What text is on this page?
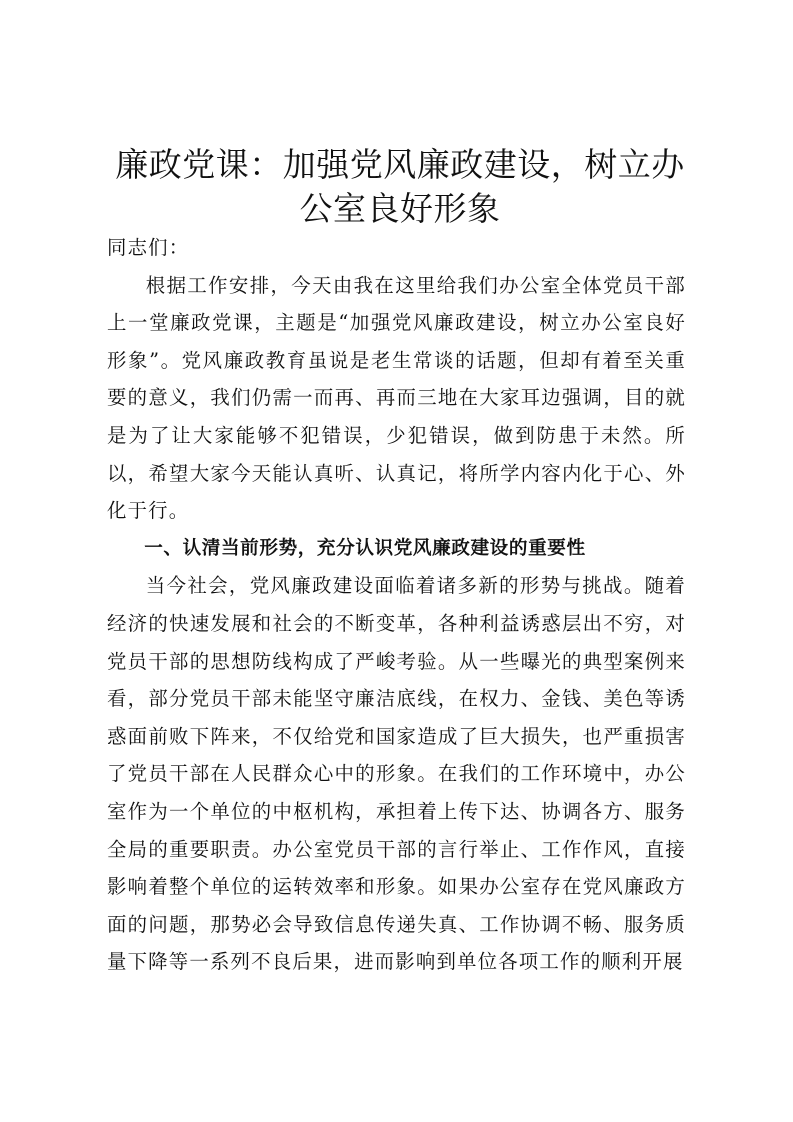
廉政党课：加强党风廉政建设，树立办公室良好形象

同志们：

根据工作安排，今天由我在这里给我们办公室全体党员干部上一堂廉政党课，主题是“加强党风廉政建设，树立办公室良好形象”。党风廉政教育虽说是老生常谈的话题，但却有着至关重要的意义，我们仍需一而再、再而三地在大家耳边强调，目的就是为了让大家能够不犯错误，少犯错误，做到防患于未然。所以，希望大家今天能认真听、认真记，将所学内容内化于心、外化于行。

一、认清当前形势，充分认识党风廉政建设的重要性

当今社会，党风廉政建设面临着诸多新的形势与挑战。随着经济的快速发展和社会的不断变革，各种利益诱惑层出不穷，对党员干部的思想防线构成了严峻考验。从一些曝光的典型案例来看，部分党员干部未能坚守廉洁底线，在权力、金钱、美色等诱惑面前败下阵来，不仅给党和国家造成了巨大损失，也严重损害了党员干部在人民群众心中的形象。在我们的工作环境中，办公室作为一个单位的中枢机构，承担着上传下达、协调各方、服务全局的重要职责。办公室党员干部的言行举止、工作作风，直接影响着整个单位的运转效率和形象。如果办公室存在党风廉政方面的问题，那势必会导致信息传递失真、工作协调不畅、服务质量下降等一系列不良后果，进而影响到单位各项工作的顺利开展
